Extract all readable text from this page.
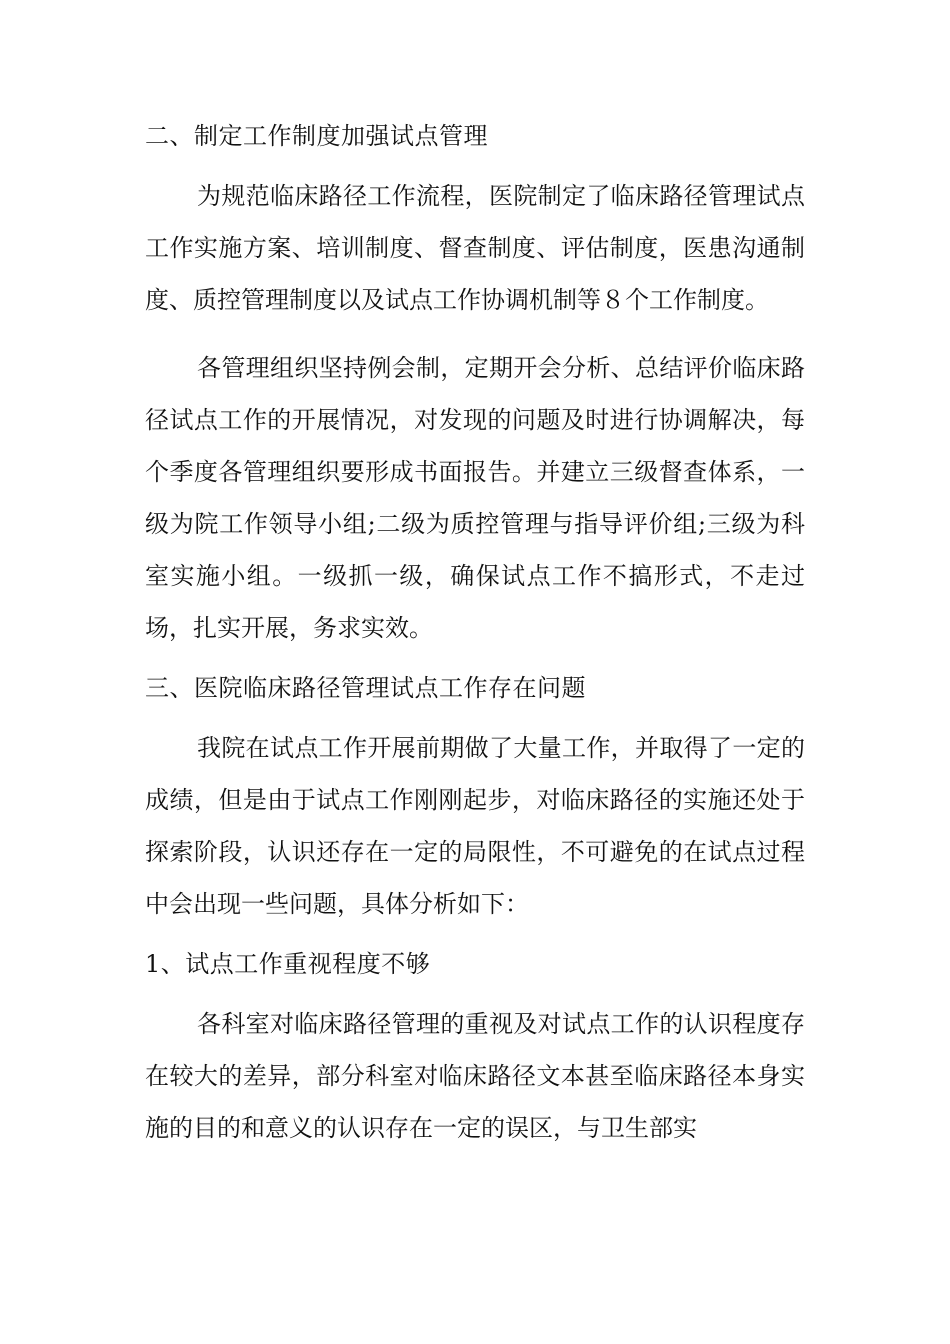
二、制定工作制度加强试点管理
为规范临床路径工作流程，医院制定了临床路径管理试点工作实施方案、培训制度、督查制度、评估制度，医患沟通制度、质控管理制度以及试点工作协调机制等８个工作制度。
各管理组织坚持例会制，定期开会分析、总结评价临床路径试点工作的开展情况，对发现的问题及时进行协调解决，每个季度各管理组织要形成书面报告。并建立三级督查体系，一级为院工作领导小组;二级为质控管理与指导评价组;三级为科室实施小组。一级抓一级，确保试点工作不搞形式，不走过场，扎实开展，务求实效。
三、医院临床路径管理试点工作存在问题
我院在试点工作开展前期做了大量工作，并取得了一定的成绩，但是由于试点工作刚刚起步，对临床路径的实施还处于探索阶段，认识还存在一定的局限性，不可避免的在试点过程中会出现一些问题，具体分析如下：
1、试点工作重视程度不够
各科室对临床路径管理的重视及对试点工作的认识程度存在较大的差异，部分科室对临床路径文本甚至临床路径本身实施的目的和意义的认识存在一定的误区，与卫生部实
